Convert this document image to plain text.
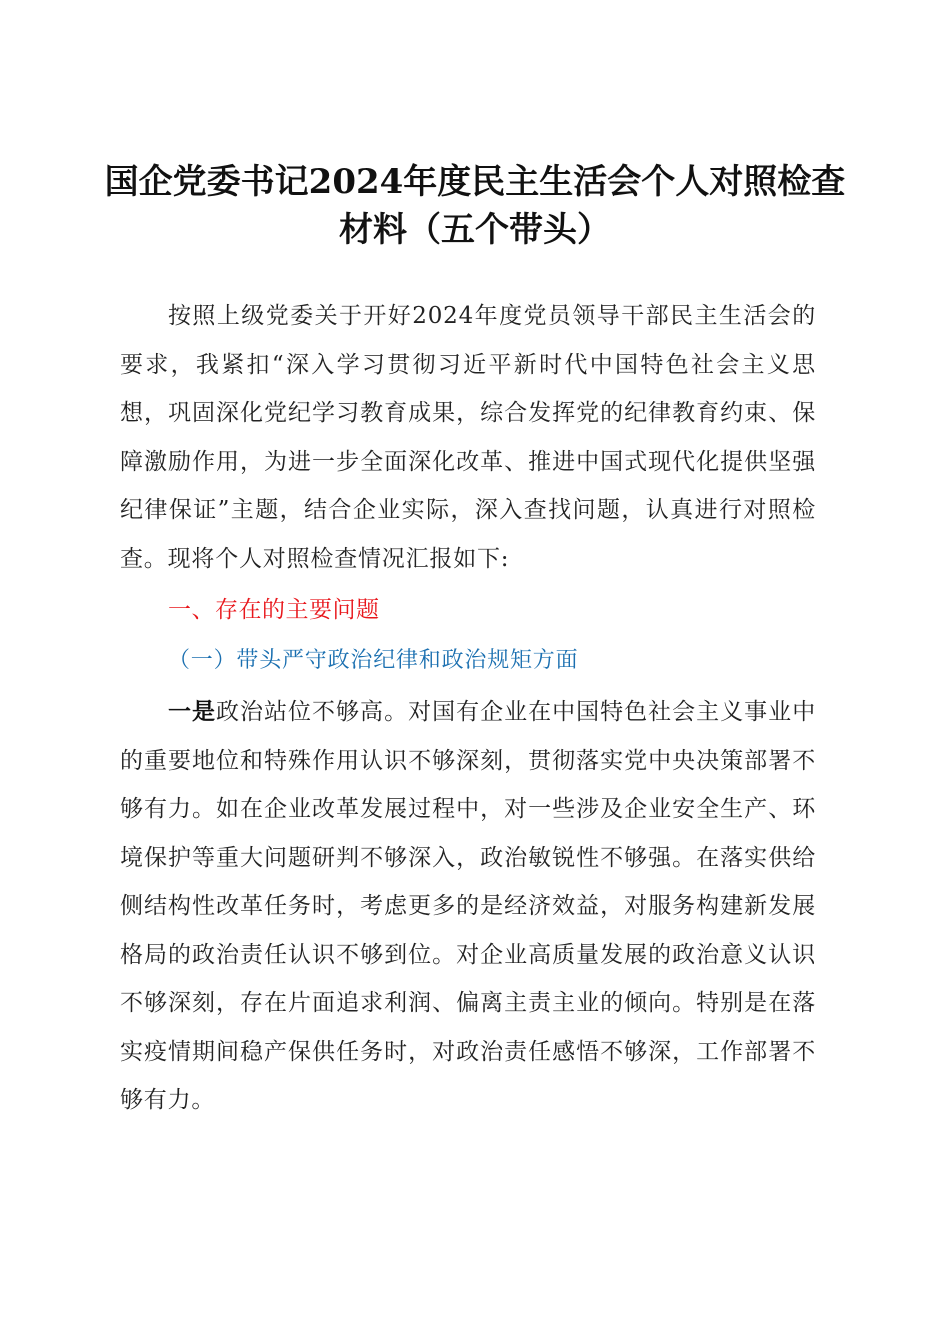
国企党委书记2024年度民主生活会个人对照检查材料（五个带头）

按照上级党委关于开好2024年度党员领导干部民主生活会的要求，我紧扣“深入学习贯彻习近平新时代中国特色社会主义思想，巩固深化党纪学习教育成果，综合发挥党的纪律教育约束、保障激励作用，为进一步全面深化改革、推进中国式现代化提供坚强纪律保证”主题，结合企业实际，深入查找问题，认真进行对照检查。现将个人对照检查情况汇报如下:

一、存在的主要问题
（一）带头严守政治纪律和政治规矩方面

一是政治站位不够高。对国有企业在中国特色社会主义事业中的重要地位和特殊作用认识不够深刻，贯彻落实党中央决策部署不够有力。如在企业改革发展过程中，对一些涉及企业安全生产、环境保护等重大问题研判不够深入，政治敏锐性不够强。在落实供给侧结构性改革任务时，考虑更多的是经济效益，对服务构建新发展格局的政治责任认识不够到位。对企业高质量发展的政治意义认识不够深刻，存在片面追求利润、偏离主责主业的倾向。特别是在落实疫情期间稳产保供任务时，对政治责任感悟不够深，工作部署不够有力。
